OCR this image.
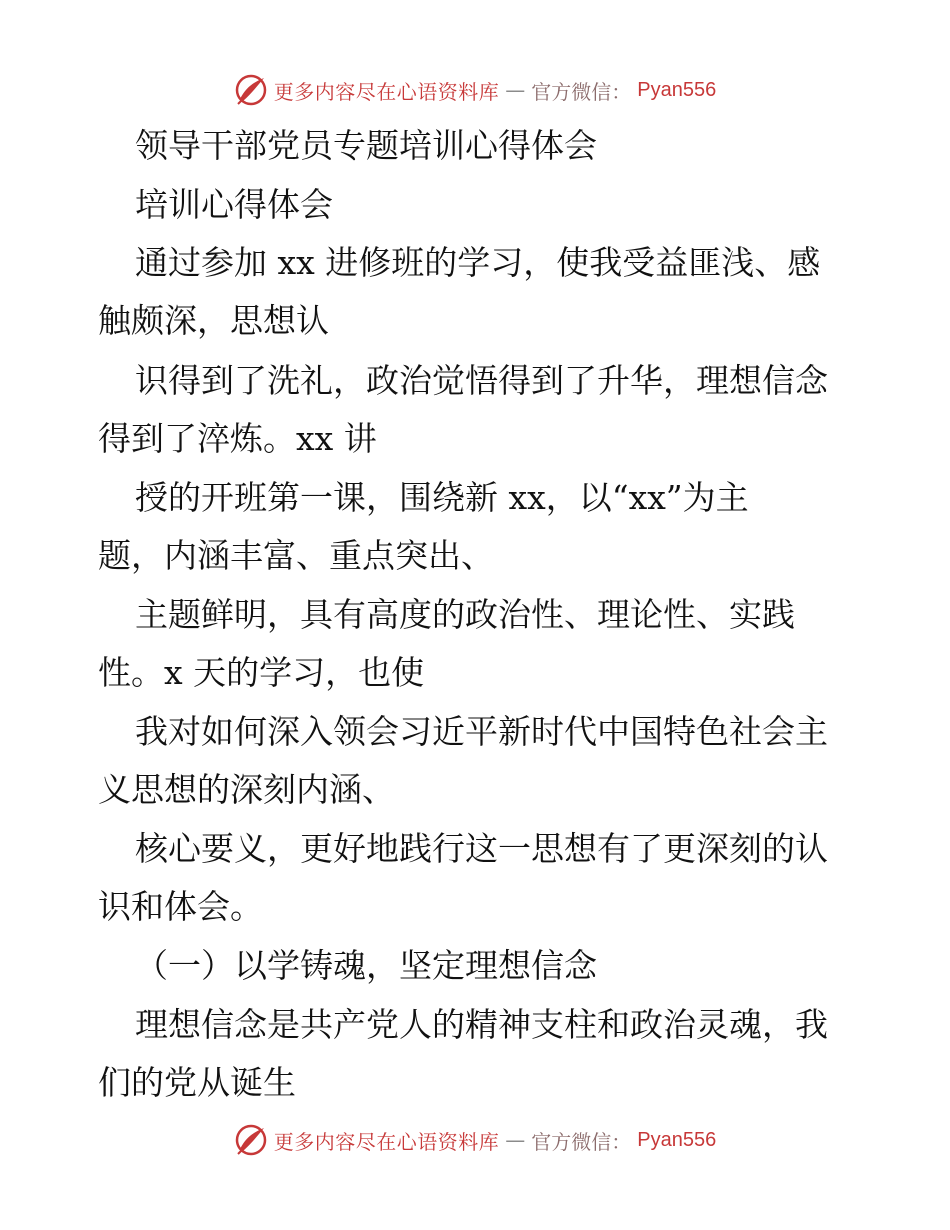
更多内容尽在心语资料库 — 官方微信： Pyan556
领导干部党员专题培训心得体会
培训心得体会
通过参加 xx 进修班的学习，使我受益匪浅、感
触颇深，思想认
识得到了洗礼，政治觉悟得到了升华，理想信念
得到了淬炼。xx 讲
授的开班第一课，围绕新 xx，以“xx”为主
题，内涵丰富、重点突出、
主题鲜明，具有高度的政治性、理论性、实践
性。x 天的学习，也使
我对如何深入领会习近平新时代中国特色社会主
义思想的深刻内涵、
核心要义，更好地践行这一思想有了更深刻的认
识和体会。
（一）以学铸魂，坚定理想信念
理想信念是共产党人的精神支柱和政治灵魂，我
们的党从诞生
更多内容尽在心语资料库 — 官方微信： Pyan556
